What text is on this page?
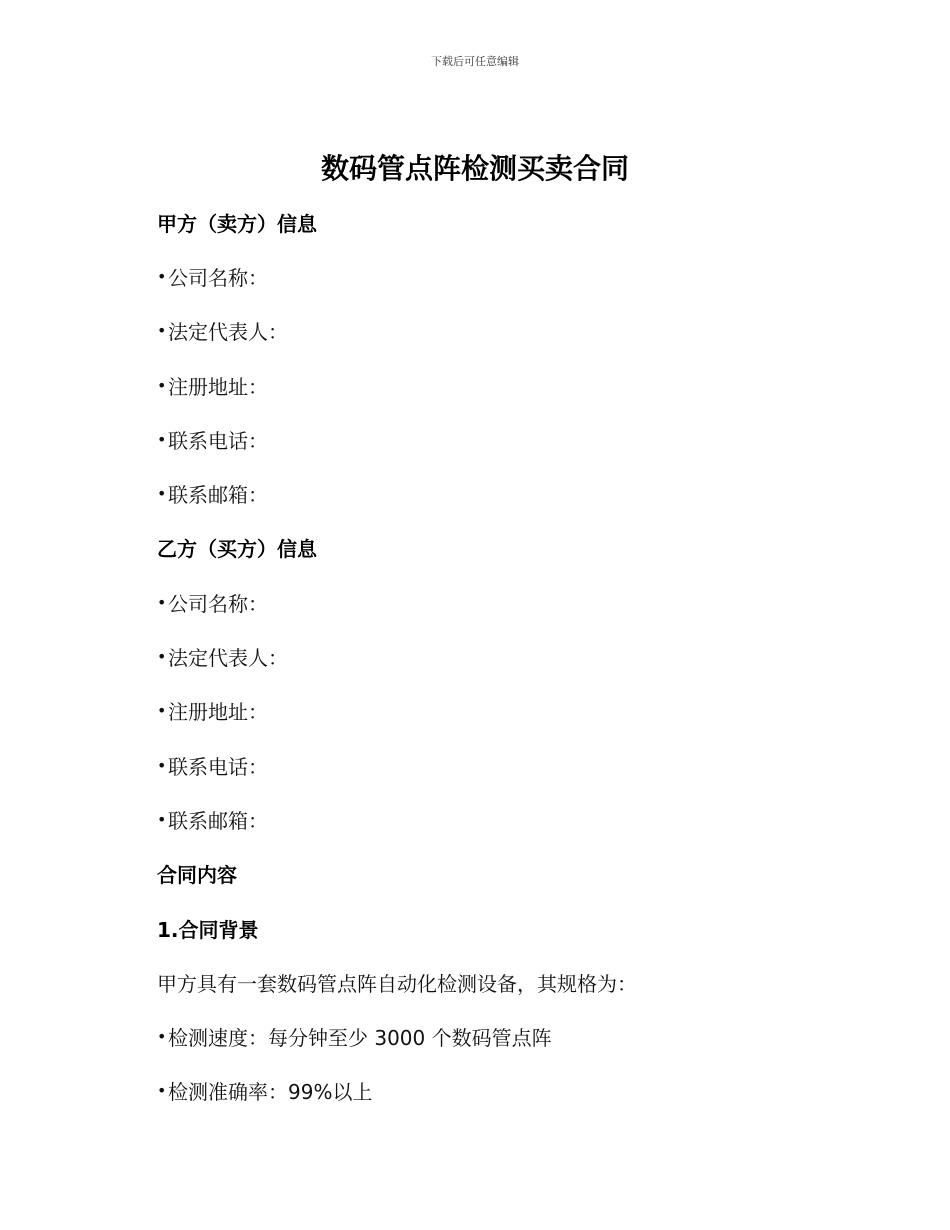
下载后可任意编辑
数码管点阵检测买卖合同
甲方（卖方）信息
• 公司名称：
• 法定代表人：
• 注册地址：
• 联系电话：
• 联系邮箱：
乙方（买方）信息
• 公司名称：
• 法定代表人：
• 注册地址：
• 联系电话：
• 联系邮箱：
合同内容
1.合同背景
甲方具有一套数码管点阵自动化检测设备，其规格为：
• 检测速度：每分钟至少 3000 个数码管点阵
• 检测准确率：99%以上
